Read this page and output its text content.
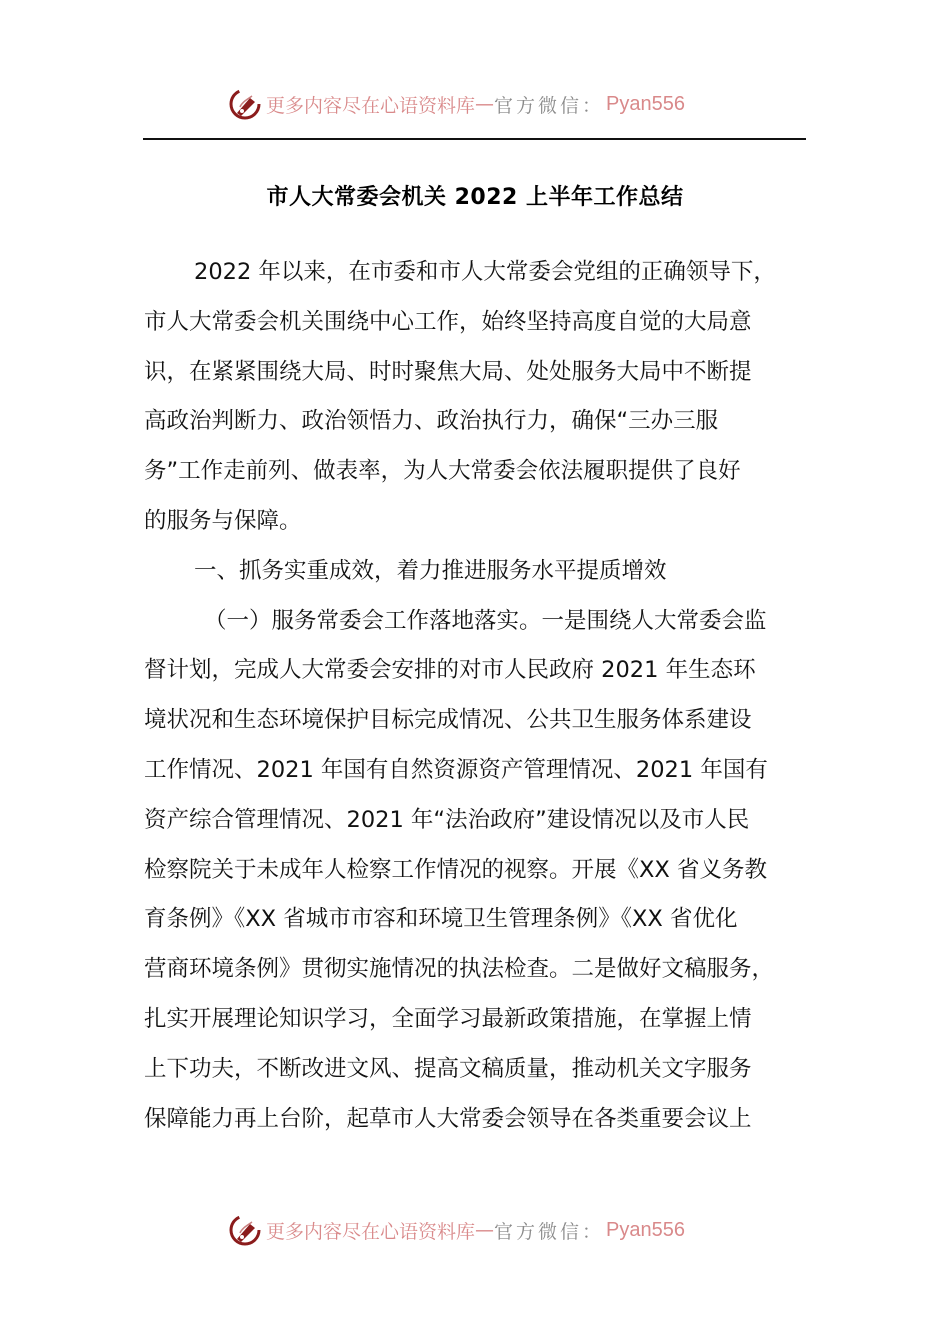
更多内容尽在心语资料库 — 官方微信： Pyan556
市人大常委会机关 2022 上半年工作总结
2022 年以来，在市委和市人大常委会党组的正确领导下，
市人大常委会机关围绕中心工作，始终坚持高度自觉的大局意
识，在紧紧围绕大局、时时聚焦大局、处处服务大局中不断提
高政治判断力、政治领悟力、政治执行力，确保“三办三服
务”工作走前列、做表率，为人大常委会依法履职提供了良好
的服务与保障。
一、抓务实重成效，着力推进服务水平提质增效
（一）服务常委会工作落地落实。一是围绕人大常委会监
督计划，完成人大常委会安排的对市人民政府 2021 年生态环
境状况和生态环境保护目标完成情况、公共卫生服务体系建设
工作情况、2021 年国有自然资源资产管理情况、2021 年国有
资产综合管理情况、2021 年“法治政府”建设情况以及市人民
检察院关于未成年人检察工作情况的视察。开展《XX 省义务教
育条例》《XX 省城市市容和环境卫生管理条例》《XX 省优化
营商环境条例》贯彻实施情况的执法检查。二是做好文稿服务，
扎实开展理论知识学习，全面学习最新政策措施，在掌握上情
上下功夫，不断改进文风、提高文稿质量，推动机关文字服务
保障能力再上台阶，起草市人大常委会领导在各类重要会议上
更多内容尽在心语资料库 — 官方微信： Pyan556
